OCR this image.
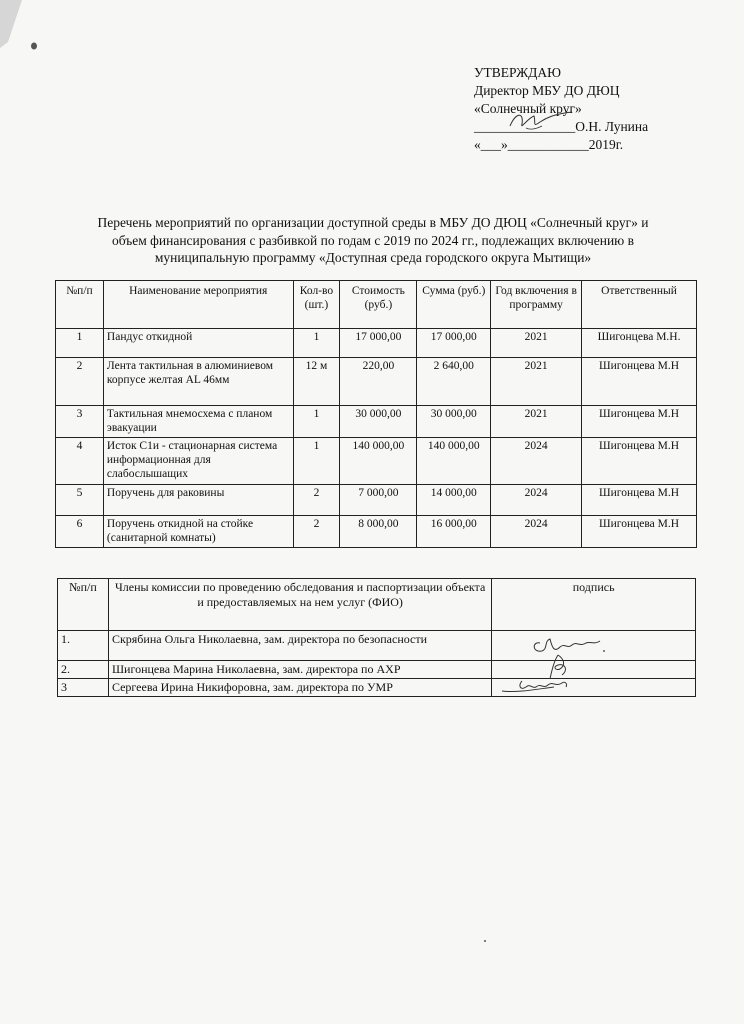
УТВЕРЖДАЮ
Директор МБУ ДО ДЮЦ
«Солнечный круг»
_______________О.Н. Лунина
«___»____________2019г.
Перечень мероприятий по организации доступной среды в МБУ ДО ДЮЦ «Солнечный круг» и
объем финансирования с разбивкой по годам с 2019 по 2024 гг., подлежащих включению в
муниципальную программу «Доступная среда городского округа Мытищи»
№п/п	Наименование мероприятия	Кол-во (шт.)	Стоимость (руб.)	Сумма (руб.)	Год включения в программу	Ответственный
1	Пандус откидной	1	17 000,00	17 000,00	2021	Шигонцева М.Н.
2	Лента тактильная в алюминиевом корпусе желтая AL 46мм	12 м	220,00	2 640,00	2021	Шигонцева М.Н
3	Тактильная мнемосхема с планом эвакуации	1	30 000,00	30 000,00	2021	Шигонцева М.Н
4	Исток С1и - стационарная система информационная для слабослышащих	1	140 000,00	140 000,00	2024	Шигонцева М.Н
5	Поручень для раковины	2	7 000,00	14 000,00	2024	Шигонцева М.Н
6	Поручень откидной на стойке (санитарной комнаты)	2	8 000,00	16 000,00	2024	Шигонцева М.Н
№п/п	Члены комиссии по проведению обследования и паспортизации объекта и предоставляемых на нем услуг (ФИО)	подпись
1.	Скрябина Ольга Николаевна, зам. директора по безопасности	

2.	Шигонцева Марина Николаевна, зам. директора по АХР	

3	Сергеева Ирина Никифоровна, зам. директора по УМР	
